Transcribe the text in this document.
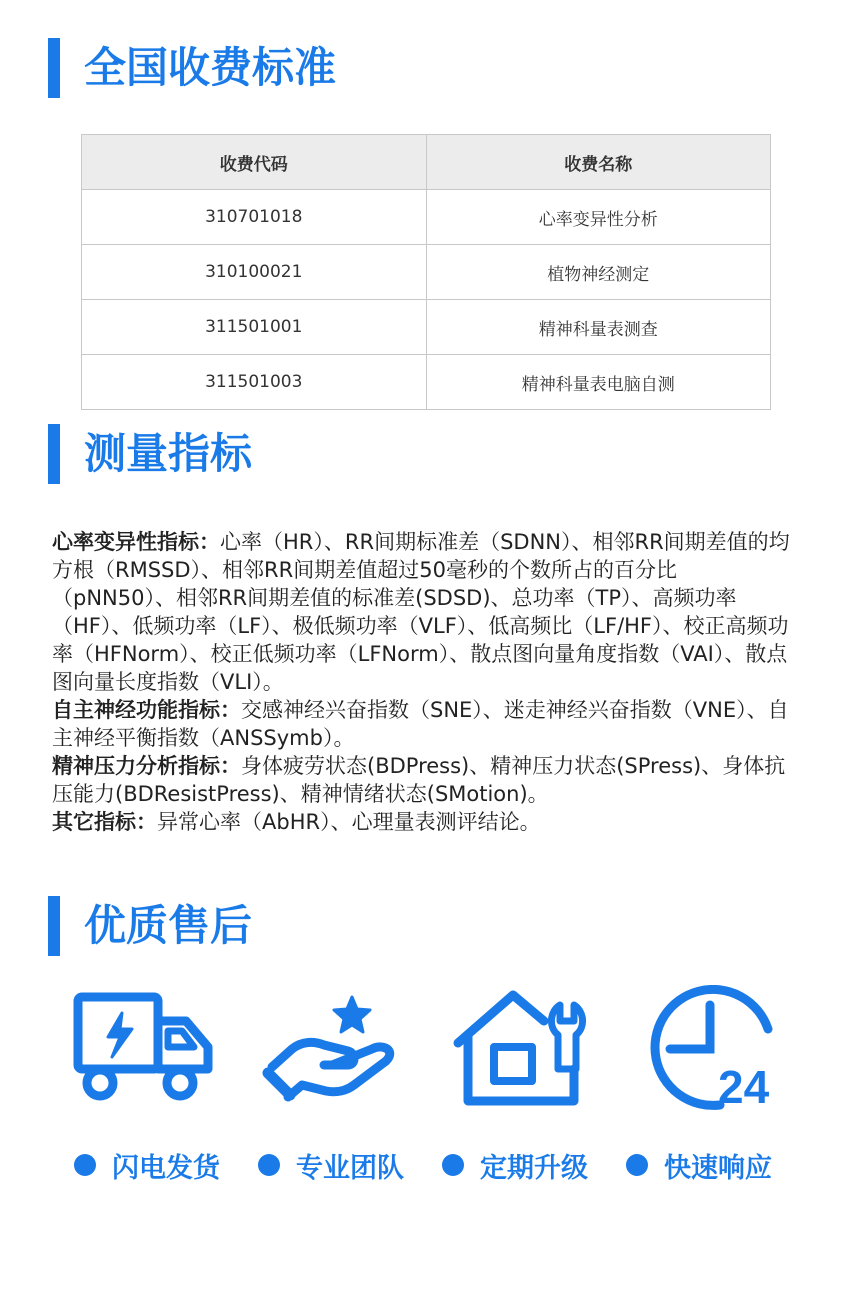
全国收费标准
收费代码	收费名称
310701018	心率变异性分析
310100021	植物神经测定
311501001	精神科量表测查
311501003	精神科量表电脑自测
测量指标

心率变异性指标：心率（HR）、RR间期标准差（SDNN）、相邻RR间期差值的均方根（RMSSD）、相邻RR间期差值超过50毫秒的个数所占的百分比（pNN50）、相邻RR间期差值的标准差(SDSD)、总功率（TP）、高频功率（HF）、低频功率（LF）、极低频功率（VLF）、低高频比（LF/HF）、校正高频功率（HFNorm）、校正低频功率（LFNorm）、散点图向量角度指数（VAI）、散点图向量长度指数（VLI）。

自主神经功能指标：交感神经兴奋指数（SNE）、迷走神经兴奋指数（VNE）、自主神经平衡指数（ANSSymb）。

精神压力分析指标：身体疲劳状态(BDPress)、精神压力状态(SPress)、身体抗压能力(BDResistPress)、精神情绪状态(SMotion)。

其它指标：异常心率（AbHR）、心理量表测评结论。

优质售后
24
闪电发货	专业团队	定期升级	快速响应
